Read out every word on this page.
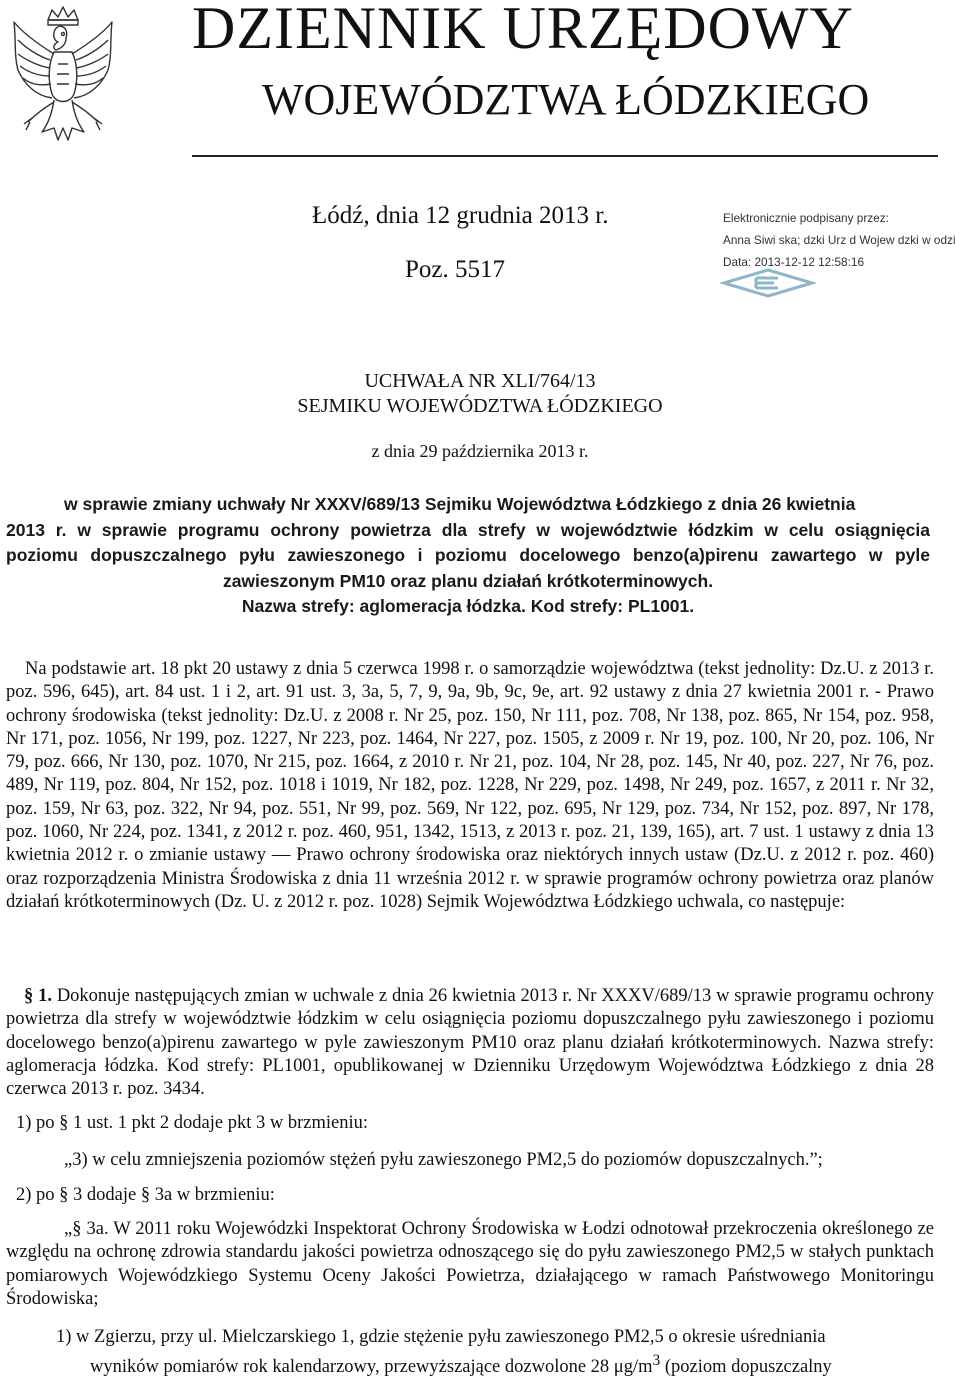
DZIENNIK URZĘDOWY
WOJEWÓDZTWA ŁÓDZKIEGO
Łódź, dnia 12 grudnia 2013 r.
Poz. 5517
Elektronicznie podpisany przez:
Anna Siwi ska; dzki Urz d Wojew dzki w odzi
Data: 2013-12-12 12:58:16
UCHWAŁA NR XLI/764/13
SEJMIKU WOJEWÓDZTWA ŁÓDZKIEGO
z dnia 29 października 2013 r.
w sprawie zmiany uchwały Nr XXXV/689/13 Sejmiku Województwa Łódzkiego z dnia 26 kwietnia
2013 r. w sprawie programu ochrony powietrza dla strefy w województwie łódzkim w celu osiągnięcia
poziomu dopuszczalnego pyłu zawieszonego i poziomu docelowego benzo(a)pirenu zawartego w pyle
zawieszonym PM10 oraz planu działań krótkoterminowych.
Nazwa strefy: aglomeracja łódzka. Kod strefy: PL1001.
Na podstawie art. 18 pkt 20 ustawy z dnia 5 czerwca 1998 r. o samorządzie województwa (tekst jednolity: Dz.U. z 2013 r. poz. 596, 645), art. 84 ust. 1 i 2, art. 91 ust. 3, 3a, 5, 7, 9, 9a, 9b, 9c, 9e, art. 92 ustawy z dnia 27 kwietnia 2001 r. - Prawo ochrony środowiska (tekst jednolity: Dz.U. z 2008 r. Nr 25, poz. 150, Nr 111, poz. 708, Nr 138, poz. 865, Nr 154, poz. 958, Nr 171, poz. 1056, Nr 199, poz. 1227, Nr 223, poz. 1464, Nr 227, poz. 1505, z 2009 r. Nr 19, poz. 100, Nr 20, poz. 106, Nr 79, poz. 666, Nr 130, poz. 1070, Nr 215, poz. 1664, z 2010 r. Nr 21, poz. 104, Nr 28, poz. 145, Nr 40, poz. 227, Nr 76, poz. 489, Nr 119, poz. 804, Nr 152, poz. 1018 i 1019, Nr 182, poz. 1228, Nr 229, poz. 1498, Nr 249, poz. 1657, z 2011 r. Nr 32, poz. 159, Nr 63, poz. 322, Nr 94, poz. 551, Nr 99, poz. 569, Nr 122, poz. 695, Nr 129, poz. 734, Nr 152, poz. 897, Nr 178, poz. 1060, Nr 224, poz. 1341, z 2012 r. poz. 460, 951, 1342, 1513, z 2013 r. poz. 21, 139, 165), art. 7 ust. 1 ustawy z dnia 13 kwietnia 2012 r. o zmianie ustawy — Prawo ochrony środowiska oraz niektórych innych ustaw (Dz.U. z 2012 r. poz. 460) oraz rozporządzenia Ministra Środowiska z dnia 11 września 2012 r. w sprawie programów ochrony powietrza oraz planów działań krótkoterminowych (Dz. U. z 2012 r. poz. 1028) Sejmik Województwa Łódzkiego uchwala, co następuje:
§ 1. Dokonuje następujących zmian w uchwale z dnia 26 kwietnia 2013 r. Nr XXXV/689/13 w sprawie programu ochrony powietrza dla strefy w województwie łódzkim w celu osiągnięcia poziomu dopuszczalnego pyłu zawieszonego i poziomu docelowego benzo(a)pirenu zawartego w pyle zawieszonym PM10 oraz planu działań krótkoterminowych. Nazwa strefy: aglomeracja łódzka. Kod strefy: PL1001, opublikowanej w Dzienniku Urzędowym Województwa Łódzkiego z dnia 28 czerwca 2013 r. poz. 3434.
1) po § 1 ust. 1 pkt 2 dodaje pkt 3 w brzmieniu:
„3) w celu zmniejszenia poziomów stężeń pyłu zawieszonego PM2,5 do poziomów dopuszczalnych.”;
2) po § 3 dodaje § 3a w brzmieniu:
„§ 3a. W 2011 roku Wojewódzki Inspektorat Ochrony Środowiska w Łodzi odnotował przekroczenia określonego ze względu na ochronę zdrowia standardu jakości powietrza odnoszącego się do pyłu zawieszonego PM2,5 w stałych punktach pomiarowych Wojewódzkiego Systemu Oceny Jakości Powietrza, działającego w ramach Państwowego Monitoringu Środowiska;
1) w Zgierzu, przy ul. Mielczarskiego 1, gdzie stężenie pyłu zawieszonego PM2,5 o okresie uśredniania
wyników pomiarów rok kalendarzowy, przewyższające dozwolone 28 $\mu g/m^3$ (poziom dopuszczalny
